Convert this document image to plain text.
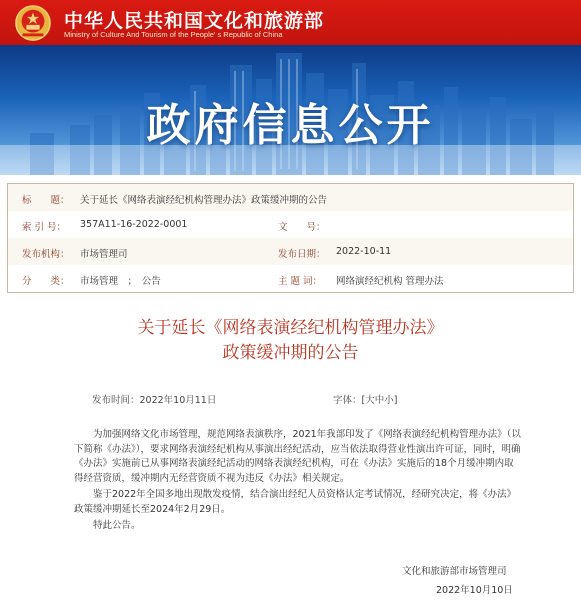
中华人民共和国文化和旅游部
Ministry of Culture And Tourism of the People' s Republic of China
政府信息公开
标　　题： 关于延长《网络表演经纪机构管理办法》政策缓冲期的公告
索 引 号： 357A11-16-2022-0001	文　　号：
发布机构： 市场管理司	发布日期： 2022-10-11
分　　类： 市场管理　；　公告	主 题 词： 网络演经纪机构 管理办法
关于延长《网络表演经纪机构管理办法》
政策缓冲期的公告
发布时间：2022年10月11日	字体：[大中小]

为加强网络文化市场管理，规范网络表演秩序，2021年我部印发了《网络表演经纪机构管理办法》（以下简称《办法》），要求网络表演经纪机构从事演出经纪活动，应当依法取得营业性演出许可证，同时，明确《办法》实施前已从事网络表演经纪活动的网络表演经纪机构，可在《办法》实施后的18个月缓冲期内取得经营资质，缓冲期内无经营资质不视为违反《办法》相关规定。

鉴于2022年全国多地出现散发疫情，结合演出经纪人员资格认定考试情况，经研究决定，将《办法》政策缓冲期延长至2024年2月29日。

特此公告。

文化和旅游部市场管理司
2022年10月10日
